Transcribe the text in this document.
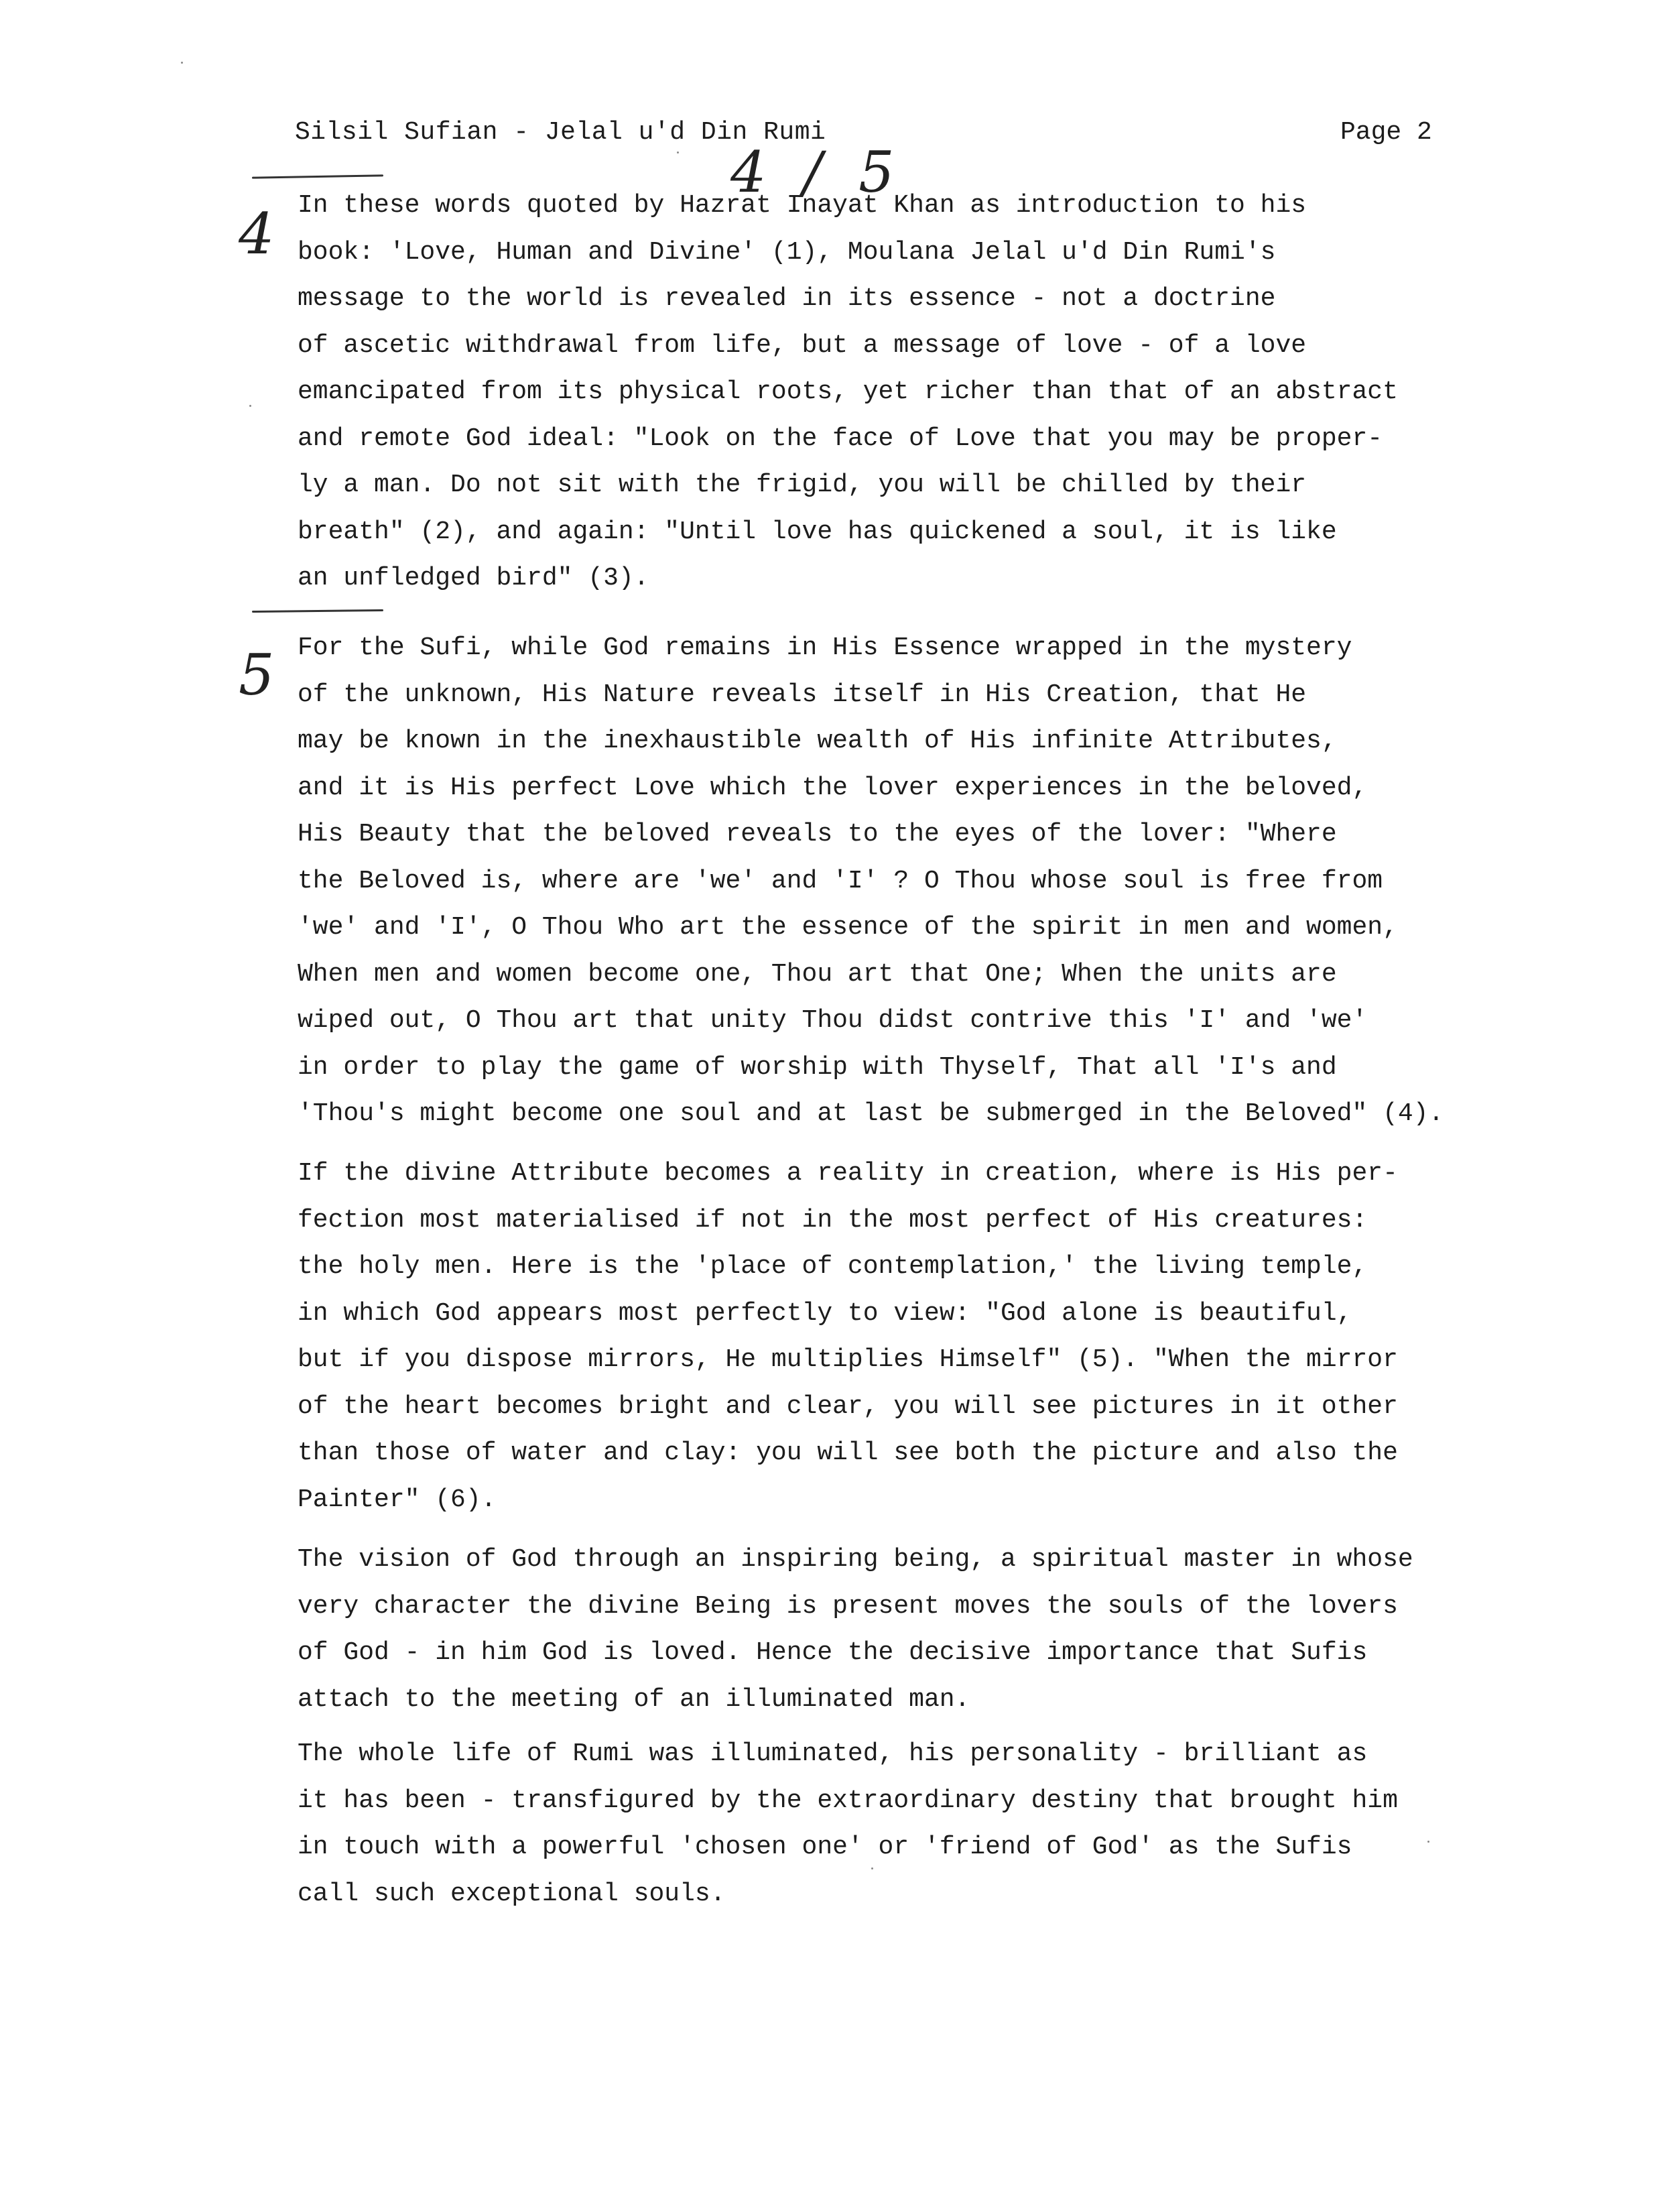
Silsil Sufian - Jelal u'd Din Rumi	Page 2
4 / 5
4
5
In these words quoted by Hazrat Inayat Khan as introduction to his
book: 'Love, Human and Divine' (1), Moulana Jelal u'd Din Rumi's
message to the world is revealed in its essence - not a doctrine
of ascetic withdrawal from life, but a message of love - of a love
emancipated from its physical roots, yet richer than that of an abstract
and remote God ideal: "Look on the face of Love that you may be proper-
ly a man. Do not sit with the frigid, you will be chilled by their
breath" (2), and again: "Until love has quickened a soul, it is like
an unfledged bird" (3).
For the Sufi, while God remains in His Essence wrapped in the mystery
of the unknown, His Nature reveals itself in His Creation, that He
may be known in the inexhaustible wealth of His infinite Attributes,
and it is His perfect Love which the lover experiences in the beloved,
His Beauty that the beloved reveals to the eyes of the lover: "Where
the Beloved is, where are 'we' and 'I' ? O Thou whose soul is free from
'we' and 'I', O Thou Who art the essence of the spirit in men and women,
When men and women become one, Thou art that One; When the units are
wiped out, O Thou art that unity Thou didst contrive this 'I' and 'we'
in order to play the game of worship with Thyself, That all 'I's and
'Thou's might become one soul and at last be submerged in the Beloved" (4).
If the divine Attribute becomes a reality in creation, where is His per-
fection most materialised if not in the most perfect of His creatures:
the holy men. Here is the 'place of contemplation,' the living temple,
in which God appears most perfectly to view: "God alone is beautiful,
but if you dispose mirrors, He multiplies Himself" (5). "When the mirror
of the heart becomes bright and clear, you will see pictures in it other
than those of water and clay: you will see both the picture and also the
Painter" (6).
The vision of God through an inspiring being, a spiritual master in whose
very character the divine Being is present moves the souls of the lovers
of God - in him God is loved. Hence the decisive importance that Sufis
attach to the meeting of an illuminated man.
The whole life of Rumi was illuminated, his personality - brilliant as
it has been - transfigured by the extraordinary destiny that brought him
in touch with a powerful 'chosen one' or 'friend of God' as the Sufis
call such exceptional souls.
